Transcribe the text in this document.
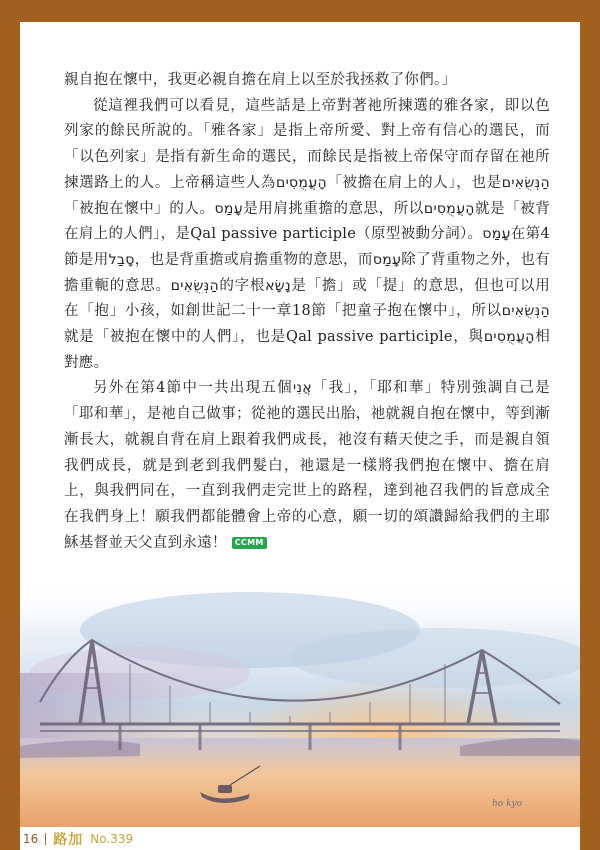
親自抱在懷中，我更必親自擔在肩上以至於我拯救了你們。」

從這裡我們可以看見，這些話是上帝對著祂所揀選的雅各家，即以色列家的餘民所說的。「雅各家」是指上帝所愛、對上帝有信心的選民，而「以色列家」是指有新生命的選民，而餘民是指被上帝保守而存留在祂所揀選路上的人。上帝稱這些人為הָעֲמֻסִים「被擔在肩上的人」，也是הַנְּשֻׂאִים「被抱在懷中」的人。עָמַס是用肩挑重擔的意思，所以הָעֲמֻסִים就是「被背在肩上的人們」，是Qal passive participle（原型被動分詞）。עָמַס在第4節是用סָבַל，也是背重擔或肩擔重物的意思，而עָמַס除了背重物之外，也有擔重軛的意思。הַנְּשֻׂאִים的字根נָשָׂא是「擔」或「提」的意思，但也可以用在「抱」小孩，如創世記二十一章18節「把童子抱在懷中」，所以הַנְּשֻׂאִים就是「被抱在懷中的人們」，也是Qal passive participle，與הָעֲמֻסִים相對應。

另外在第4節中一共出現五個אֲנִי「我」，「耶和華」特別強調自己是「耶和華」，是祂自己做事；從祂的選民出胎，祂就親自抱在懷中，等到漸漸長大，就親自背在肩上跟着我們成長，祂沒有藉天使之手，而是親自領我們成長，就是到老到我們髮白，祂還是一樣將我們抱在懷中、擔在肩上，與我們同在，一直到我們走完世上的路程，達到祂召我們的旨意成全在我們身上！願我們都能體會上帝的心意，願一切的頌讚歸給我們的主耶穌基督並天父直到永遠！ CCMM

ho kyo
16 路加 No.339
